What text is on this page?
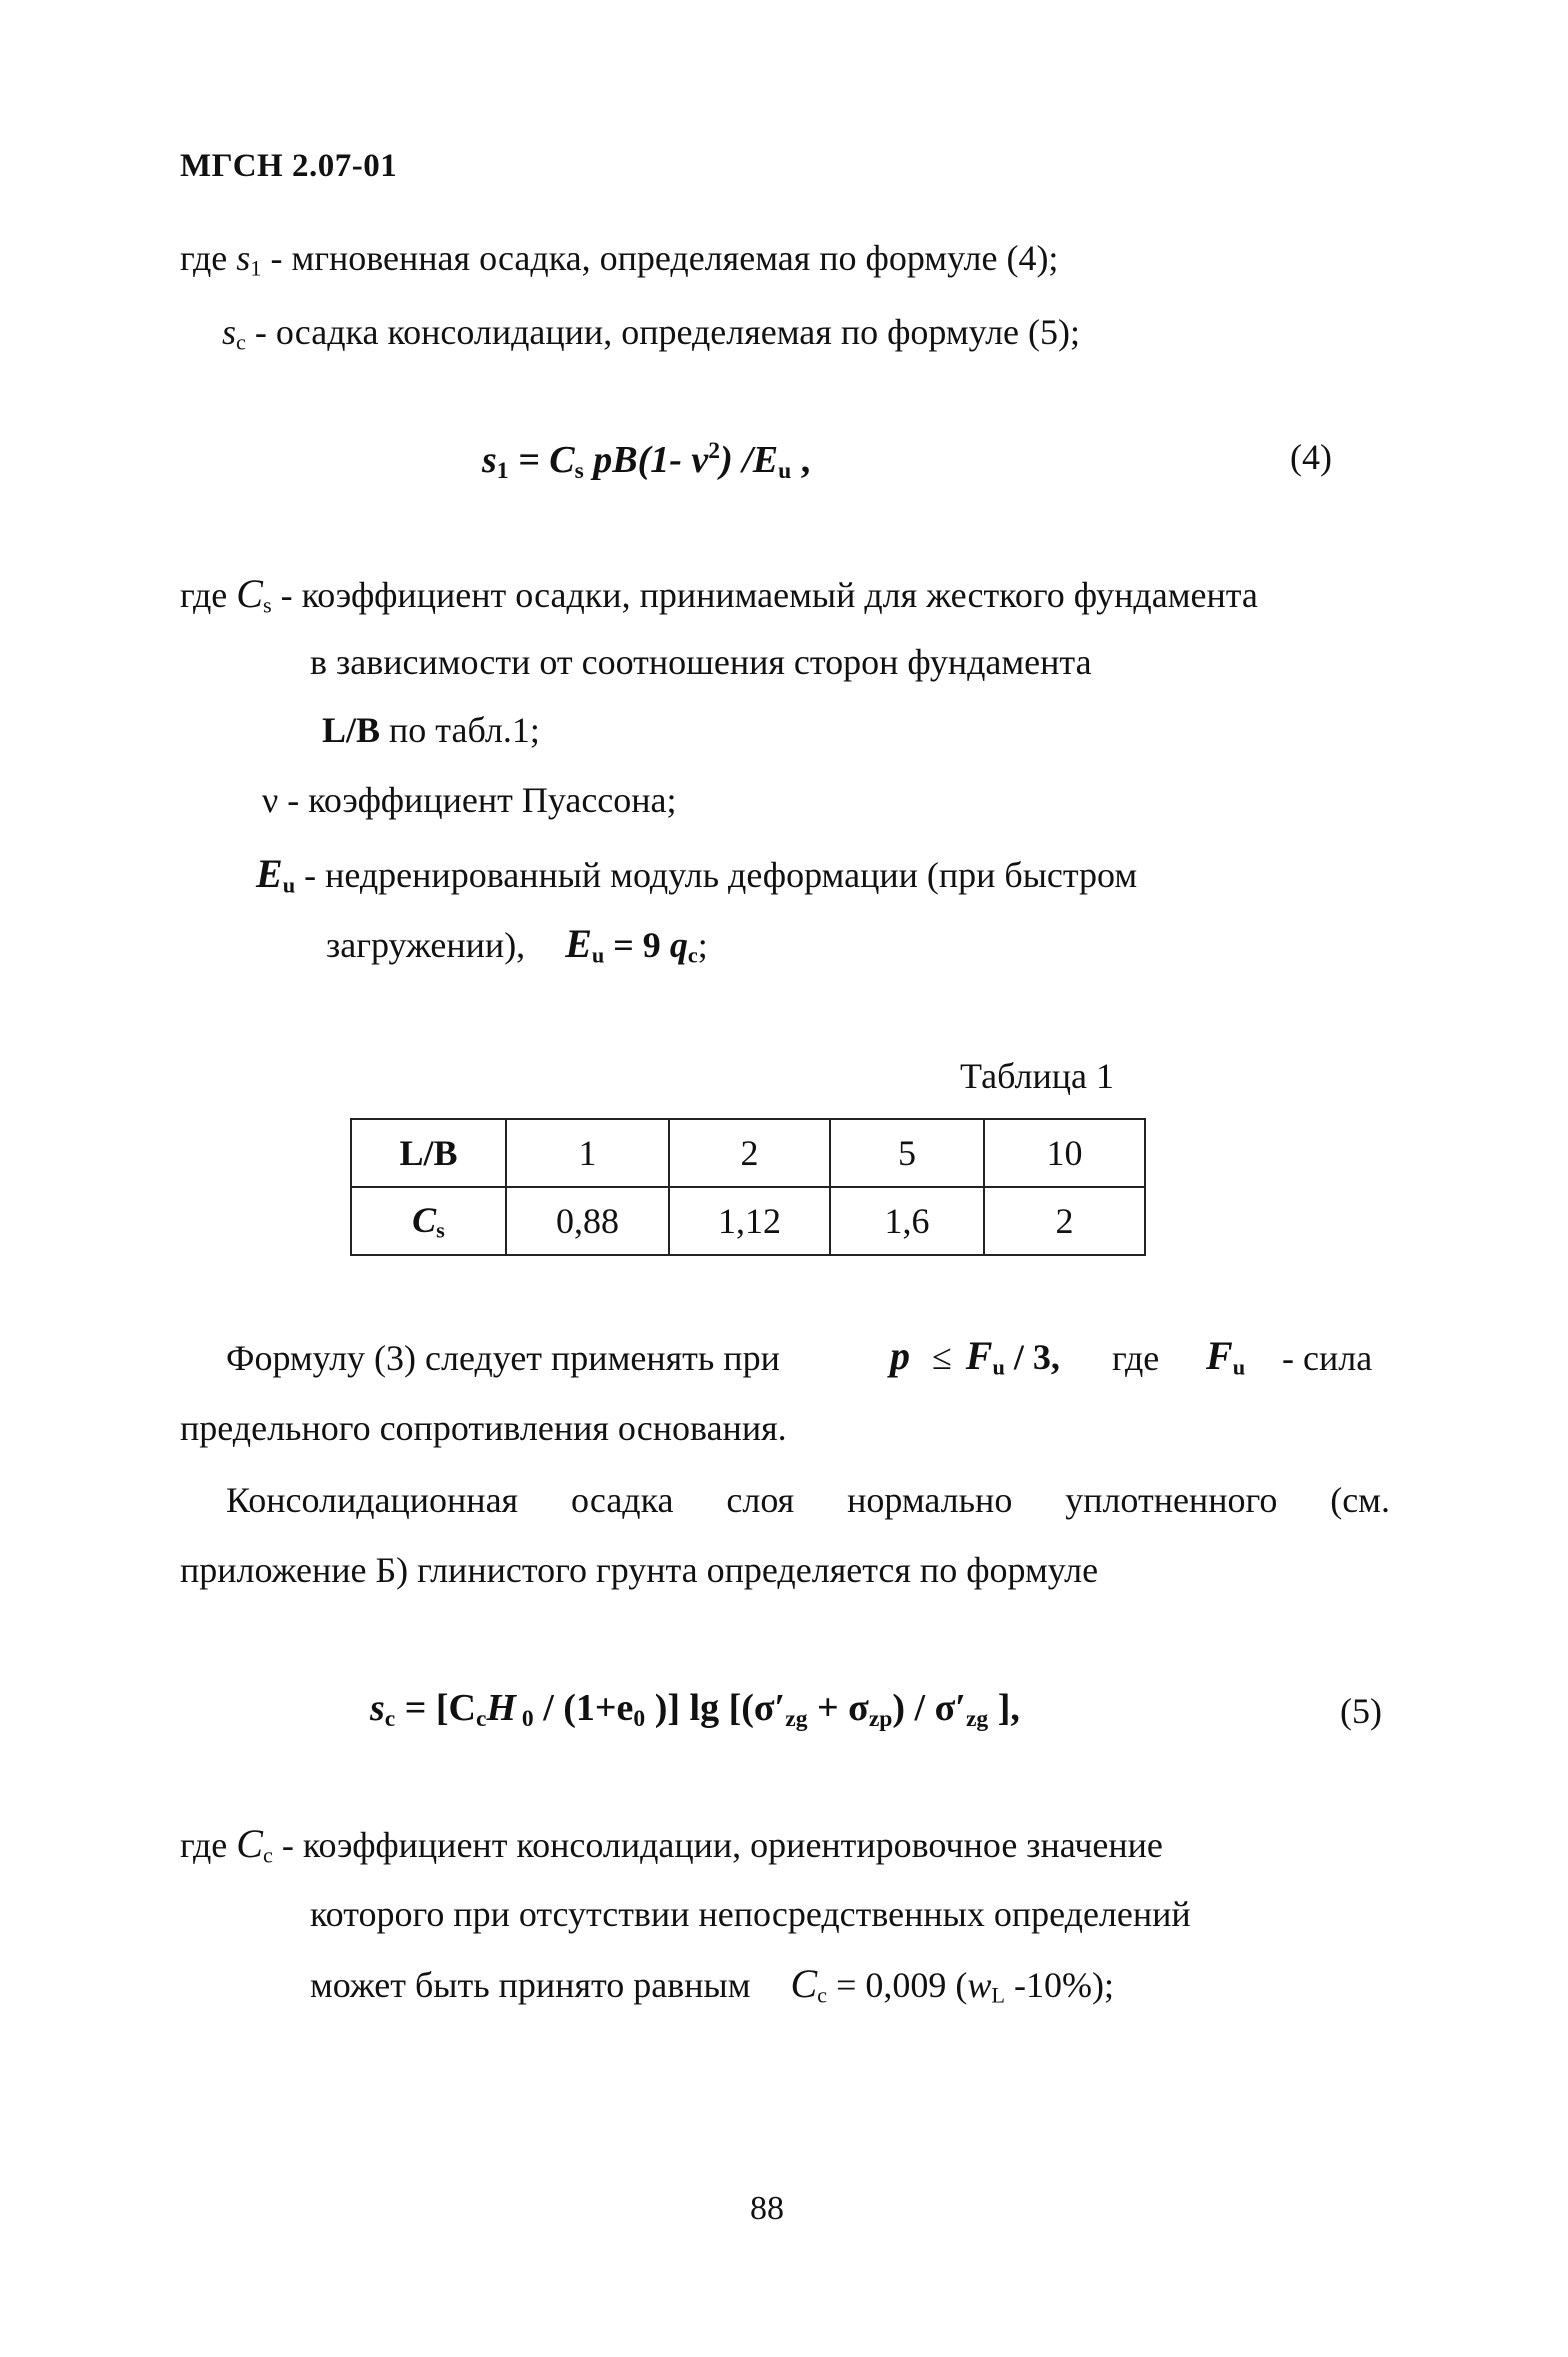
МГСН 2.07-01
где $s_1$ - мгновенная осадка, определяемая по формуле (4);
$s_c$ - осадка консолидации, определяемая по формуле (5);
$s_1 = C_s$ pB(1- $\nu^2$) $/E_u$ ,	(4)
где $C_s$ - коэффициент осадки, принимаемый для жесткого фундамента
в зависимости от соотношения сторон фундамента
L/B по табл.1;
ν - коэффициент Пуассона;
$E_u$ - недренированный модуль деформации (при быстром
загружении), $E_u = 9$ $q_c$;
Таблица 1
L/B	1	2	5	10
$C_s$	0,88	1,12	1,6	2
Формулу (3) следует применять при	$p \le F_u / 3$, где $F_u$ - сила
предельного сопротивления основания.
Консолидационная осадка слоя нормально уплотненного (см.
приложение Б) глинистого грунта определяется по формуле
$s_c = [C_cH$ $_0 / (1+e_0$ )] $\lg [(\sigma'_{zg} + \sigma_{zp}) / \sigma'_{zg}$ ],	(5)
где $C_c$ - коэффициент консолидации, ориентировочное значение
которого при отсутствии непосредственных определений
может быть принято равным $C_c = 0,009$ ($w_L$ -10%);
88
